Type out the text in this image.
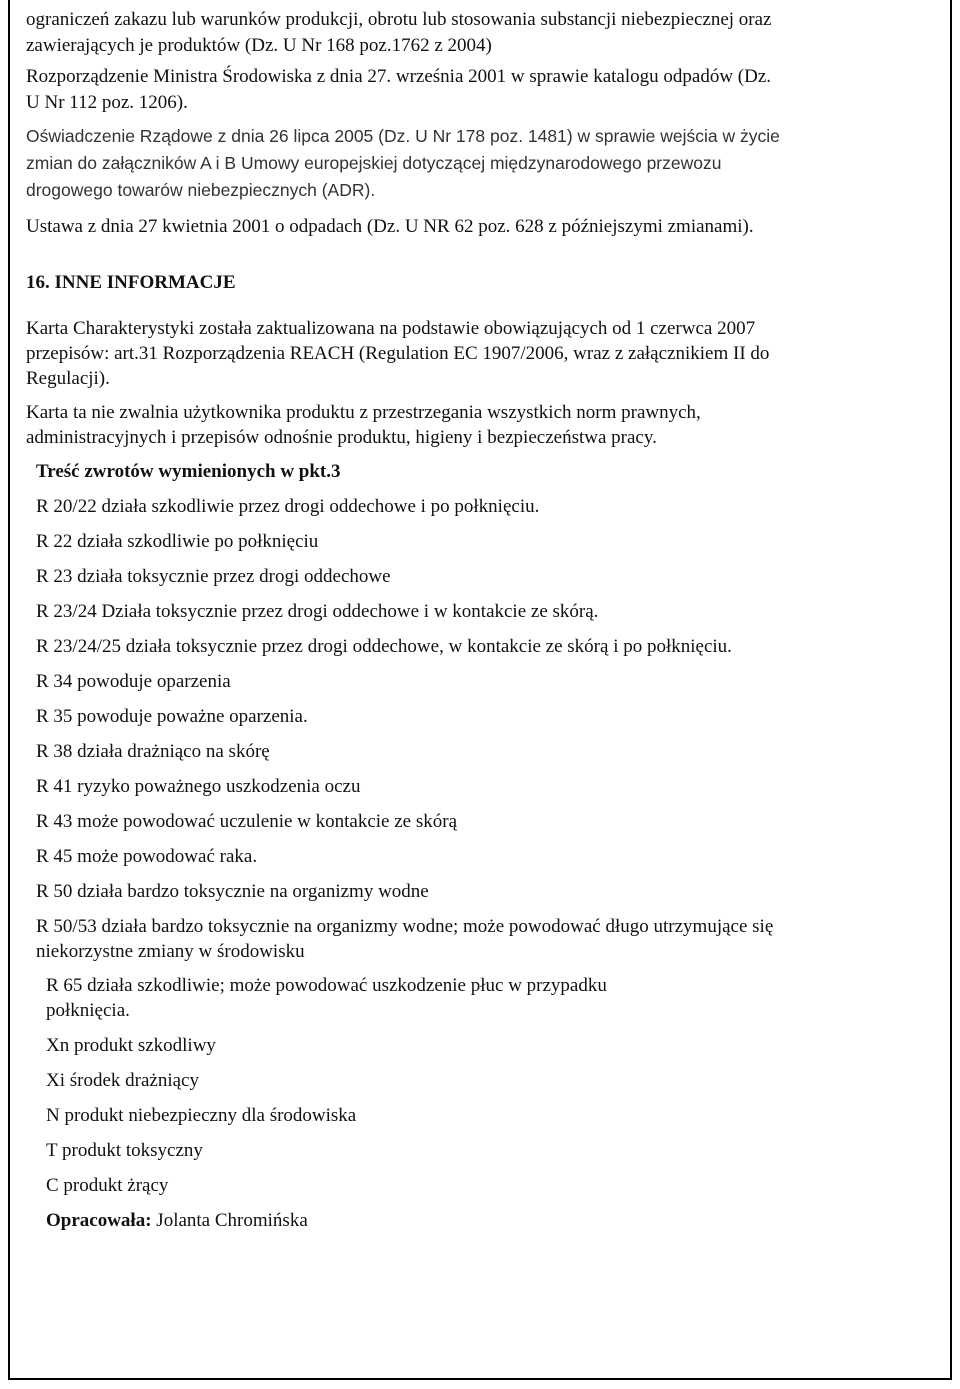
ograniczeń zakazu lub warunków produkcji, obrotu lub stosowania substancji niebezpiecznej oraz
zawierających je produktów (Dz. U Nr 168 poz.1762 z 2004)
Rozporządzenie Ministra Środowiska z dnia 27. września 2001 w sprawie katalogu odpadów (Dz.
U Nr 112 poz. 1206).
Oświadczenie Rządowe z dnia 26 lipca 2005 (Dz. U Nr 178 poz. 1481) w sprawie wejścia w życie
zmian do załączników A i B Umowy europejskiej dotyczącej międzynarodowego przewozu
drogowego towarów niebezpiecznych (ADR).
Ustawa z dnia 27 kwietnia 2001 o odpadach (Dz. U NR 62 poz. 628 z późniejszymi zmianami).
16. INNE INFORMACJE
Karta Charakterystyki została zaktualizowana na podstawie obowiązujących od 1 czerwca 2007
przepisów: art.31 Rozporządzenia REACH (Regulation EC 1907/2006, wraz z załącznikiem II do
Regulacji).
Karta ta nie zwalnia użytkownika produktu z przestrzegania wszystkich norm prawnych,
administracyjnych i przepisów odnośnie produktu, higieny i bezpieczeństwa pracy.
Treść zwrotów wymienionych w pkt.3
R 20/22 działa szkodliwie przez drogi oddechowe i po połknięciu.
R 22 działa szkodliwie po połknięciu
R 23 działa toksycznie przez drogi oddechowe
R 23/24 Działa toksycznie przez drogi oddechowe i w kontakcie ze skórą.
R 23/24/25 działa toksycznie przez drogi oddechowe, w kontakcie ze skórą i po połknięciu.
R 34 powoduje oparzenia
R 35 powoduje poważne oparzenia.
R 38 działa drażniąco na skórę
R 41 ryzyko poważnego uszkodzenia oczu
R 43 może powodować uczulenie w kontakcie ze skórą
R 45 może powodować raka.
R 50 działa bardzo toksycznie na organizmy wodne
R 50/53 działa bardzo toksycznie na organizmy wodne; może powodować długo utrzymujące się
niekorzystne zmiany w środowisku
R 65 działa szkodliwie; może powodować uszkodzenie płuc w przypadku
połknięcia.
Xn produkt szkodliwy
Xi środek drażniący
N produkt niebezpieczny dla środowiska
T produkt toksyczny
C produkt żrący
Opracowała: Jolanta Chromińska
